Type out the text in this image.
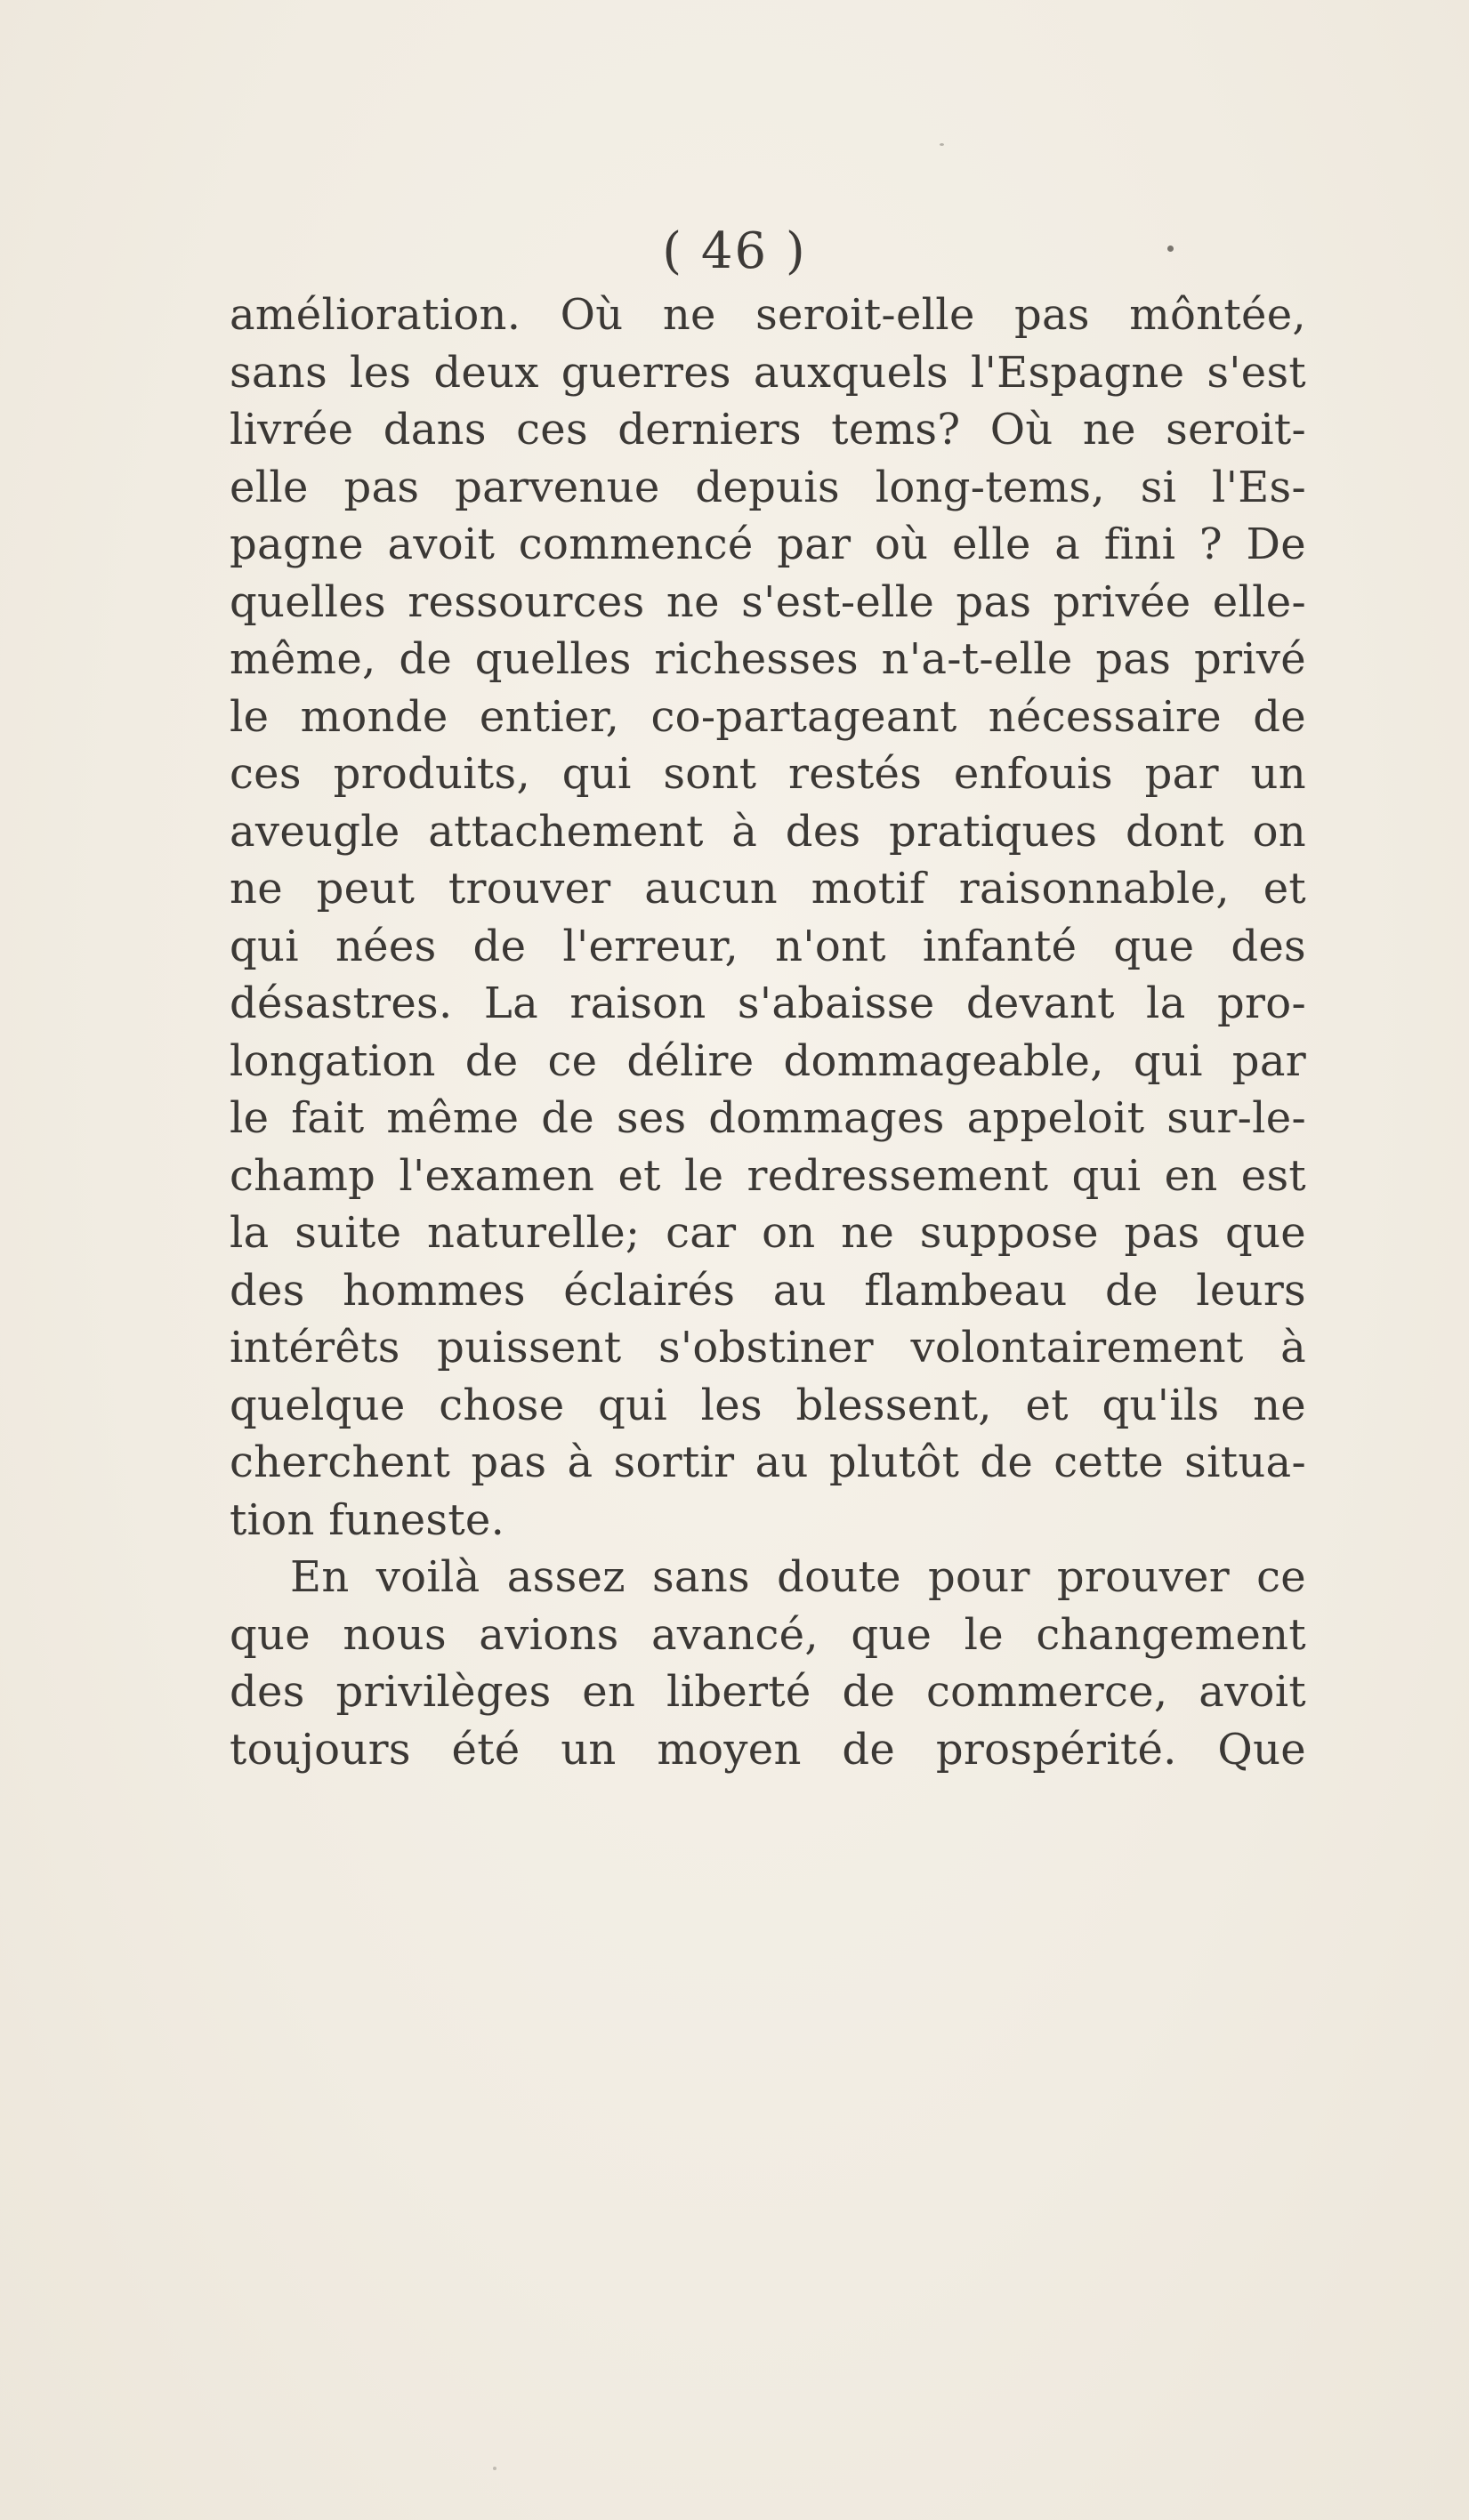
( 46 )
amélioration. Où ne seroit-elle pas môntée,
sans les deux guerres auxquels l'Espagne s'est
livrée dans ces derniers tems? Où ne seroit-
elle pas parvenue depuis long-tems, si l'Es-
pagne avoit commencé par où elle a fini ? De
quelles ressources ne s'est-elle pas privée elle-
même, de quelles richesses n'a-t-elle pas privé
le monde entier, co-partageant nécessaire de
ces produits, qui sont restés enfouis par un
aveugle attachement à des pratiques dont on
ne peut trouver aucun motif raisonnable, et
qui nées de l'erreur, n'ont infanté que des
désastres. La raison s'abaisse devant la pro-
longation de ce délire dommageable, qui par
le fait même de ses dommages appeloit sur-le-
champ l'examen et le redressement qui en est
la suite naturelle; car on ne suppose pas que
des hommes éclairés au flambeau de leurs
intérêts puissent s'obstiner volontairement à
quelque chose qui les blessent, et qu'ils ne
cherchent pas à sortir au plutôt de cette situa-
tion funeste.
En voilà assez sans doute pour prouver ce
que nous avions avancé, que le changement
des privilèges en liberté de commerce, avoit
toujours été un moyen de prospérité. Que
